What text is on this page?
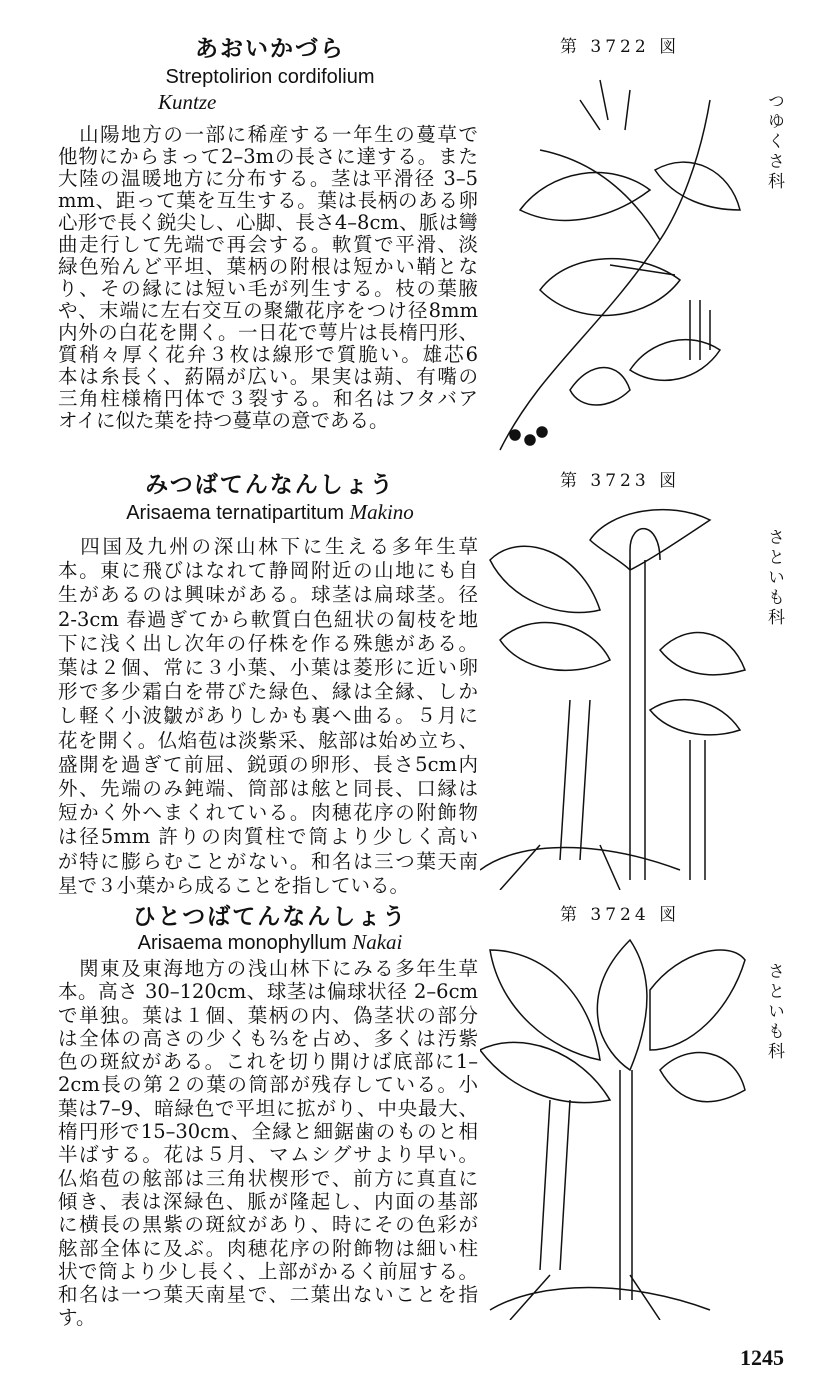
あおいかづら
Streptolirion cordifolium
Kuntze
　山陽地方の一部に稀産する一年生の蔓草で
他物にからまって2–3mの長さに達する。また
大陸の温暖地方に分布する。茎は平滑径 3–5
mm、距って葉を互生する。葉は長柄のある卵
心形で長く鋭尖し、心脚、長さ4–8cm、脈は彎
曲走行して先端で再会する。軟質で平滑、淡
緑色殆んど平坦、葉柄の附根は短かい鞘とな
り、その縁には短い毛が列生する。枝の葉腋
や、末端に左右交互の聚繖花序をつけ径8mm
内外の白花を開く。一日花で萼片は長楕円形、
質稍々厚く花弁３枚は線形で質脆い。雄芯6
本は糸長く、葯隔が広い。果実は蒴、有嘴の
三角柱様楕円体で３裂する。和名はフタバア
オイに似た葉を持つ蔓草の意である。
第 3722 図
つゆくさ科
みつばてんなんしょう
Arisaema ternatipartitum Makino
　四国及九州の深山林下に生える多年生草
本。東に飛びはなれて静岡附近の山地にも自
生があるのは興味がある。球茎は扁球茎。径
2-3cm 春過ぎてから軟質白色紐状の匐枝を地
下に浅く出し次年の仔株を作る殊態がある。
葉は２個、常に３小葉、小葉は菱形に近い卵
形で多少霜白を帯びた緑色、縁は全縁、しか
し軽く小波皺がありしかも裏へ曲る。５月に
花を開く。仏焰苞は淡紫采、舷部は始め立ち、
盛開を過ぎて前屈、鋭頭の卵形、長さ5cm内
外、先端のみ鈍端、筒部は舷と同長、口縁は
短かく外へまくれている。肉穂花序の附飾物
は径5mm 許りの肉質柱で筒より少しく高い
が特に膨らむことがない。和名は三つ葉天南
星で３小葉から成ることを指している。
第 3723 図
さといも科
ひとつばてんなんしょう
Arisaema monophyllum Nakai
　関東及東海地方の浅山林下にみる多年生草
本。高さ 30–120cm、球茎は偏球状径 2–6cm
で単独。葉は１個、葉柄の内、偽茎状の部分
は全体の高さの少くも⅔を占め、多くは汚紫
色の斑紋がある。これを切り開けば底部に1–
2cm長の第２の葉の筒部が残存している。小
葉は7–9、暗緑色で平坦に拡がり、中央最大、
楕円形で15–30cm、全縁と細鋸歯のものと相
半ばする。花は５月、マムシグサより早い。
仏焰苞の舷部は三角状楔形で、前方に真直に
傾き、表は深緑色、脈が隆起し、内面の基部
に横長の黒紫の斑紋があり、時にその色彩が
舷部全体に及ぶ。肉穂花序の附飾物は細い柱
状で筒より少し長く、上部がかるく前屈する。
和名は一つ葉天南星で、二葉出ないことを指
す。
第 3724 図
さといも科
1245
